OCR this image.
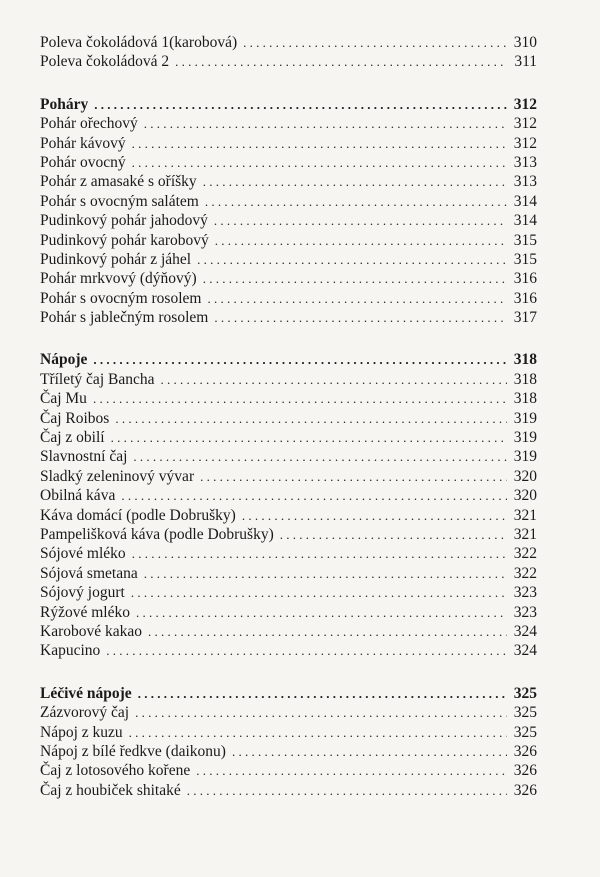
Poleva čokoládová 1(karobová) . . .	310
Poleva čokoládová 2 . . .	311
Poháry . . .	312
Pohár ořechový . . .	312
Pohár kávový . . .	312
Pohár ovocný . . .	313
Pohár z amasaké s oříšky . . .	313
Pohár s ovocným salátem . . .	314
Pudinkový pohár jahodový . . .	314
Pudinkový pohár karobový . . .	315
Pudinkový pohár z jáhel . . .	315
Pohár mrkvový (dýňový) . . .	316
Pohár s ovocným rosolem . . .	316
Pohár s jablečným rosolem . . .	317
Nápoje . . .	318
Tříletý čaj Bancha . . .	318
Čaj Mu . . .	318
Čaj Roibos . . .	319
Čaj z obilí . . .	319
Slavnostní čaj . . .	319
Sladký zeleninový vývar . . .	320
Obilná káva . . .	320
Káva domácí (podle Dobrušky) . . .	321
Pampelišková káva (podle Dobrušky) . . .	321
Sójové mléko . . .	322
Sójová smetana . . .	322
Sójový jogurt . . .	323
Rýžové mléko . . .	323
Karobové kakao . . .	324
Kapucino . . .	324
Léčivé nápoje . . .	325
Zázvorový čaj . . .	325
Nápoj z kuzu . . .	325
Nápoj z bílé ředkve (daikonu) . . .	326
Čaj z lotosového kořene . . .	326
Čaj z houbiček shitaké . . .	326
